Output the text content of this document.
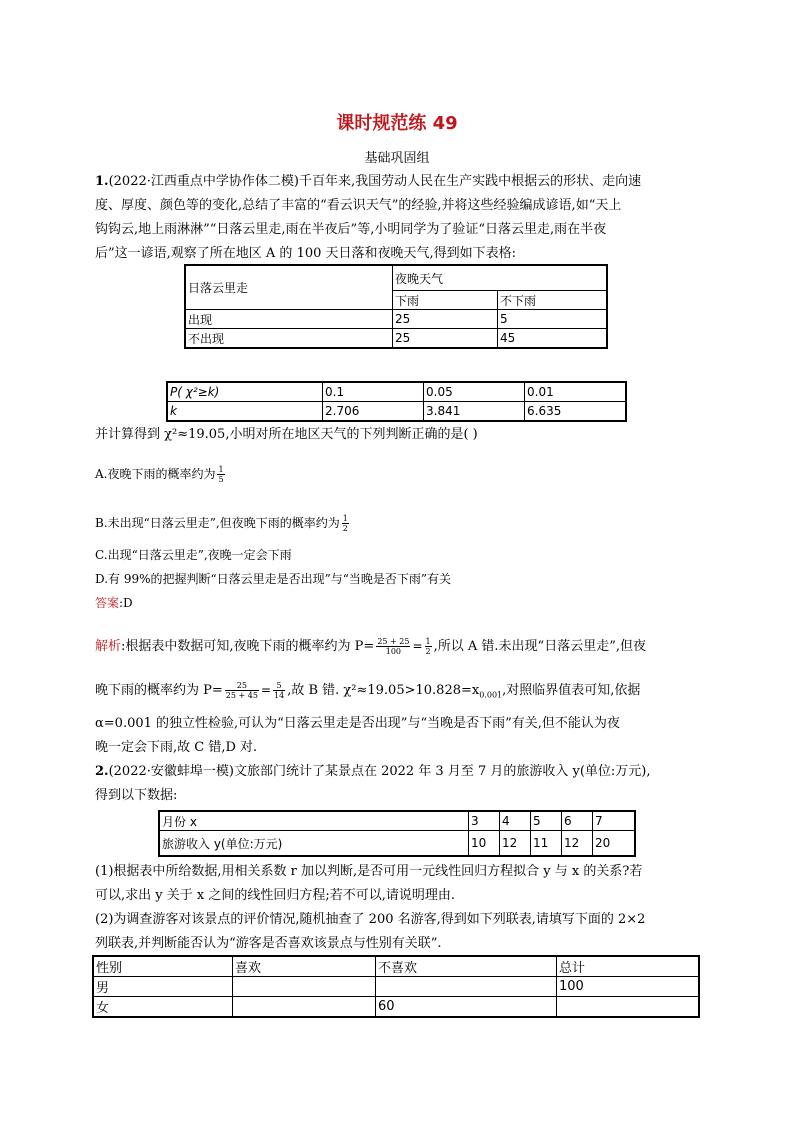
课时规范练 49
基础巩固组
1.(2022·江西重点中学协作体二模)千百年来,我国劳动人民在生产实践中根据云的形状、走向速
度、厚度、颜色等的变化,总结了丰富的“看云识天气”的经验,并将这些经验编成谚语,如“天上
钩钩云,地上雨淋淋”“日落云里走,雨在半夜后”等,小明同学为了验证“日落云里走,雨在半夜
后”这一谚语,观察了所在地区 A 的 100 天日落和夜晚天气,得到如下表格:
日落云里走	夜晚天气	
	下雨	不下雨
出现	25	5
不出现	25	45
P( χ²≥k)	0.1	0.05	0.01
k	2.706	3.841	6.635
并计算得到 χ²≈19.05,小明对所在地区天气的下列判断正确的是( )
A.夜晚下雨的概率约为 $\frac{1}{5}$
B.未出现“日落云里走”,但夜晚下雨的概率约为 $\frac{1}{2}$
C.出现“日落云里走”,夜晚一定会下雨
D.有 99%的把握判断“日落云里走是否出现”与“当晚是否下雨”有关
答案:D
解析:根据表中数据可知,夜晚下雨的概率约为 $P= \frac{25 + 25}{100} = \frac{1}{2}$ ,所以 A 错.未出现“日落云里走”,但夜
晚下雨的概率约为 $P= \frac{25}{25 + 45} = \frac{5}{14}$ ,故 B 错. $\chi^2\approx 19.05>10.828=x_{0.001}$,对照临界值表可知,依据
α=0.001 的独立性检验,可认为“日落云里走是否出现”与“当晚是否下雨”有关,但不能认为夜
晚一定会下雨,故 C 错,D 对.
2.(2022·安徽蚌埠一模)文旅部门统计了某景点在 2022 年 3 月至 7 月的旅游收入 y(单位:万元),
得到以下数据:
月份 x	3	4	5	6	7
旅游收入 y(单位:万元)	10	12	11	12	20
(1)根据表中所给数据,用相关系数 r 加以判断,是否可用一元线性回归方程拟合 y 与 x 的关系?若
可以,求出 y 关于 x 之间的线性回归方程;若不可以,请说明理由.
(2)为调查游客对该景点的评价情况,随机抽查了 200 名游客,得到如下列联表,请填写下面的 2×2
列联表,并判断能否认为“游客是否喜欢该景点与性别有关联”.
性别	喜欢	不喜欢	总计
男			100
女		60	
